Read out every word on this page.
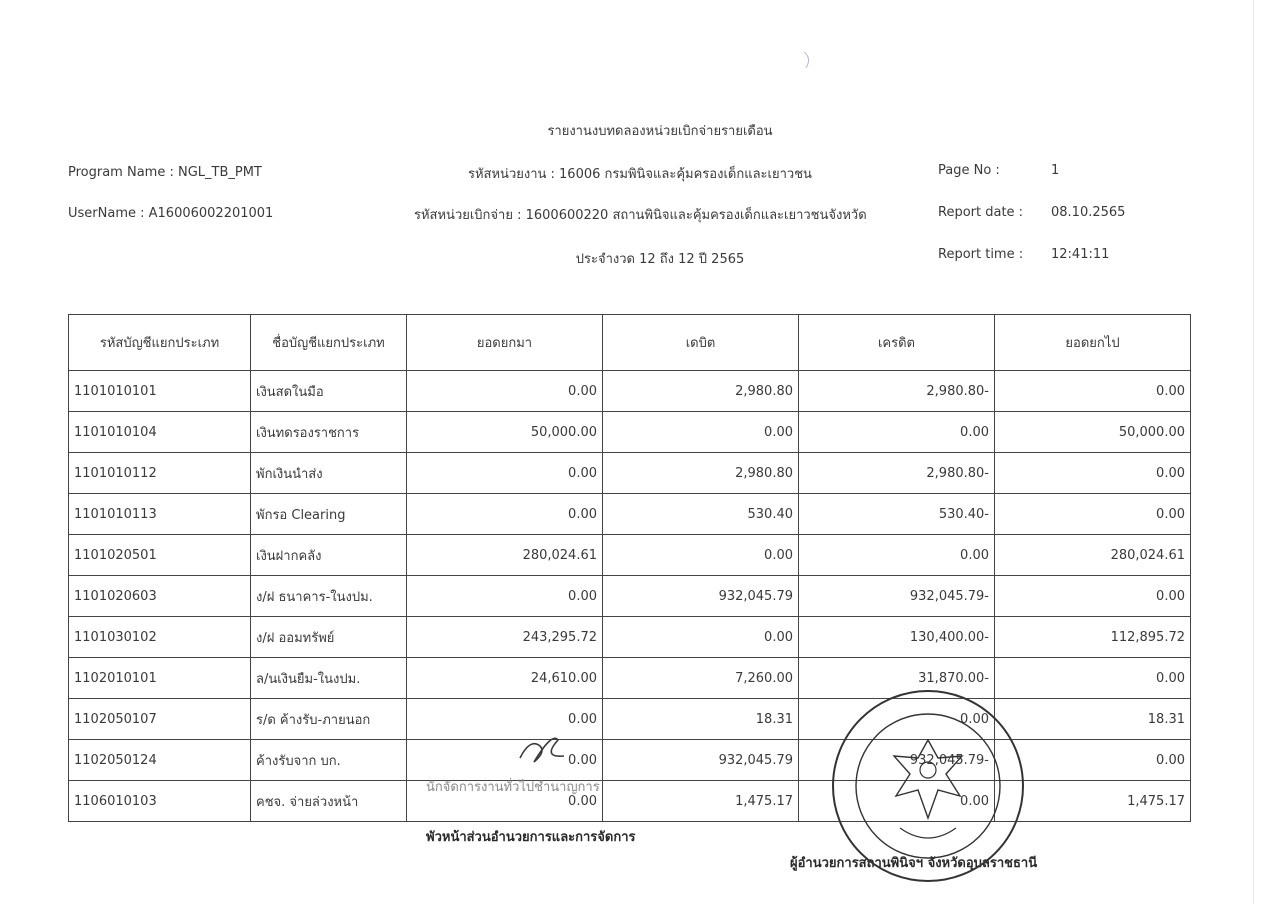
รายงานงบทดลองหน่วยเบิกจ่ายรายเดือน
Program Name : NGL_TB_PMT
UserName : A16006002201001
รหัสหน่วยงาน : 16006 กรมพินิจและคุ้มครองเด็กและเยาวชน
รหัสหน่วยเบิกจ่าย : 1600600220 สถานพินิจและคุ้มครองเด็กและเยาวชนจังหวัด
ประจำงวด 12 ถึง 12 ปี 2565
Page No :	1
Report date : 08.10.2565
Report time : 12:41:11
รหัสบัญชีแยกประเภท	ชื่อบัญชีแยกประเภท	ยอดยกมา	เดบิต	เครดิต	ยอดยกไป
1101010101	เงินสดในมือ	0.00	2,980.80	2,980.80-	0.00
1101010104	เงินทดรองราชการ	50,000.00	0.00	0.00	50,000.00
1101010112	พักเงินนำส่ง	0.00	2,980.80	2,980.80-	0.00
1101010113	พักรอ Clearing	0.00	530.40	530.40-	0.00
1101020501	เงินฝากคลัง	280,024.61	0.00	0.00	280,024.61
1101020603	ง/ฝ ธนาคาร-ในงปม.	0.00	932,045.79	932,045.79-	0.00
1101030102	ง/ฝ ออมทรัพย์	243,295.72	0.00	130,400.00-	112,895.72
1102010101	ล/นเงินยืม-ในงปม.	24,610.00	7,260.00	31,870.00-	0.00
1102050107	ร/ด ค้างรับ-ภายนอก	0.00	18.31	0.00	18.31
1102050124	ค้างรับจาก บก.	0.00	932,045.79	932,045.79-	0.00
1106010103	คชจ. จ่ายล่วงหน้า	0.00	1,475.17	0.00	1,475.17
นักจัดการงานทั่วไปชำนาญการ
พัวหน้าส่วนอำนวยการและการจัดการ
ผู้อำนวยการสถานพินิจฯ จังหวัดอุบลราชธานี
